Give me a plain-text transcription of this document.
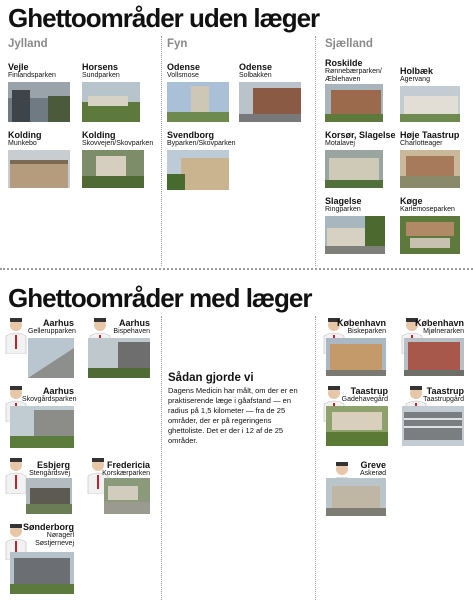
Ghettoområder uden læger
Jylland	Fyn	Sjælland
Vejle
Finlandsparken
Horsens
Sundparken
Kolding
Munkebo
Kolding
Skovvejen/Skovparken
Odense
Vollsmose
Odense
Solbakken
Svendborg
Byparken/Skovparken
Roskilde
Rønnebærparken/ Æblehaven
Holbæk
Agervang
Korsør, Slagelse
Motalavej
Høje Taastrup
Charlotteager
Slagelse
Ringparken
Køge
Karlemoseparken
Ghettoområder med læger
Aarhus
Gellerupparken
Aarhus
Bispehaven
Aarhus
Skovgårdsparken
Esbjerg
Stengårdsvej
Fredericia
Korskærparken
Sønderborg
Nøragerl Søstjernevej
Sådan gjorde vi
Dagens Medicin har målt, om der er en praktiserende læge i gåafstand — en radius på 1,5 kilometer — fra de 25 områder, der er på regeringens ghettoliste. Det er der i 12 af de 25 områder.
København
Biskeparken
København
Mjølnerarken
Taastrup
Gadehavegård
Taastrup
Taastrupgård
Greve
Askerød
